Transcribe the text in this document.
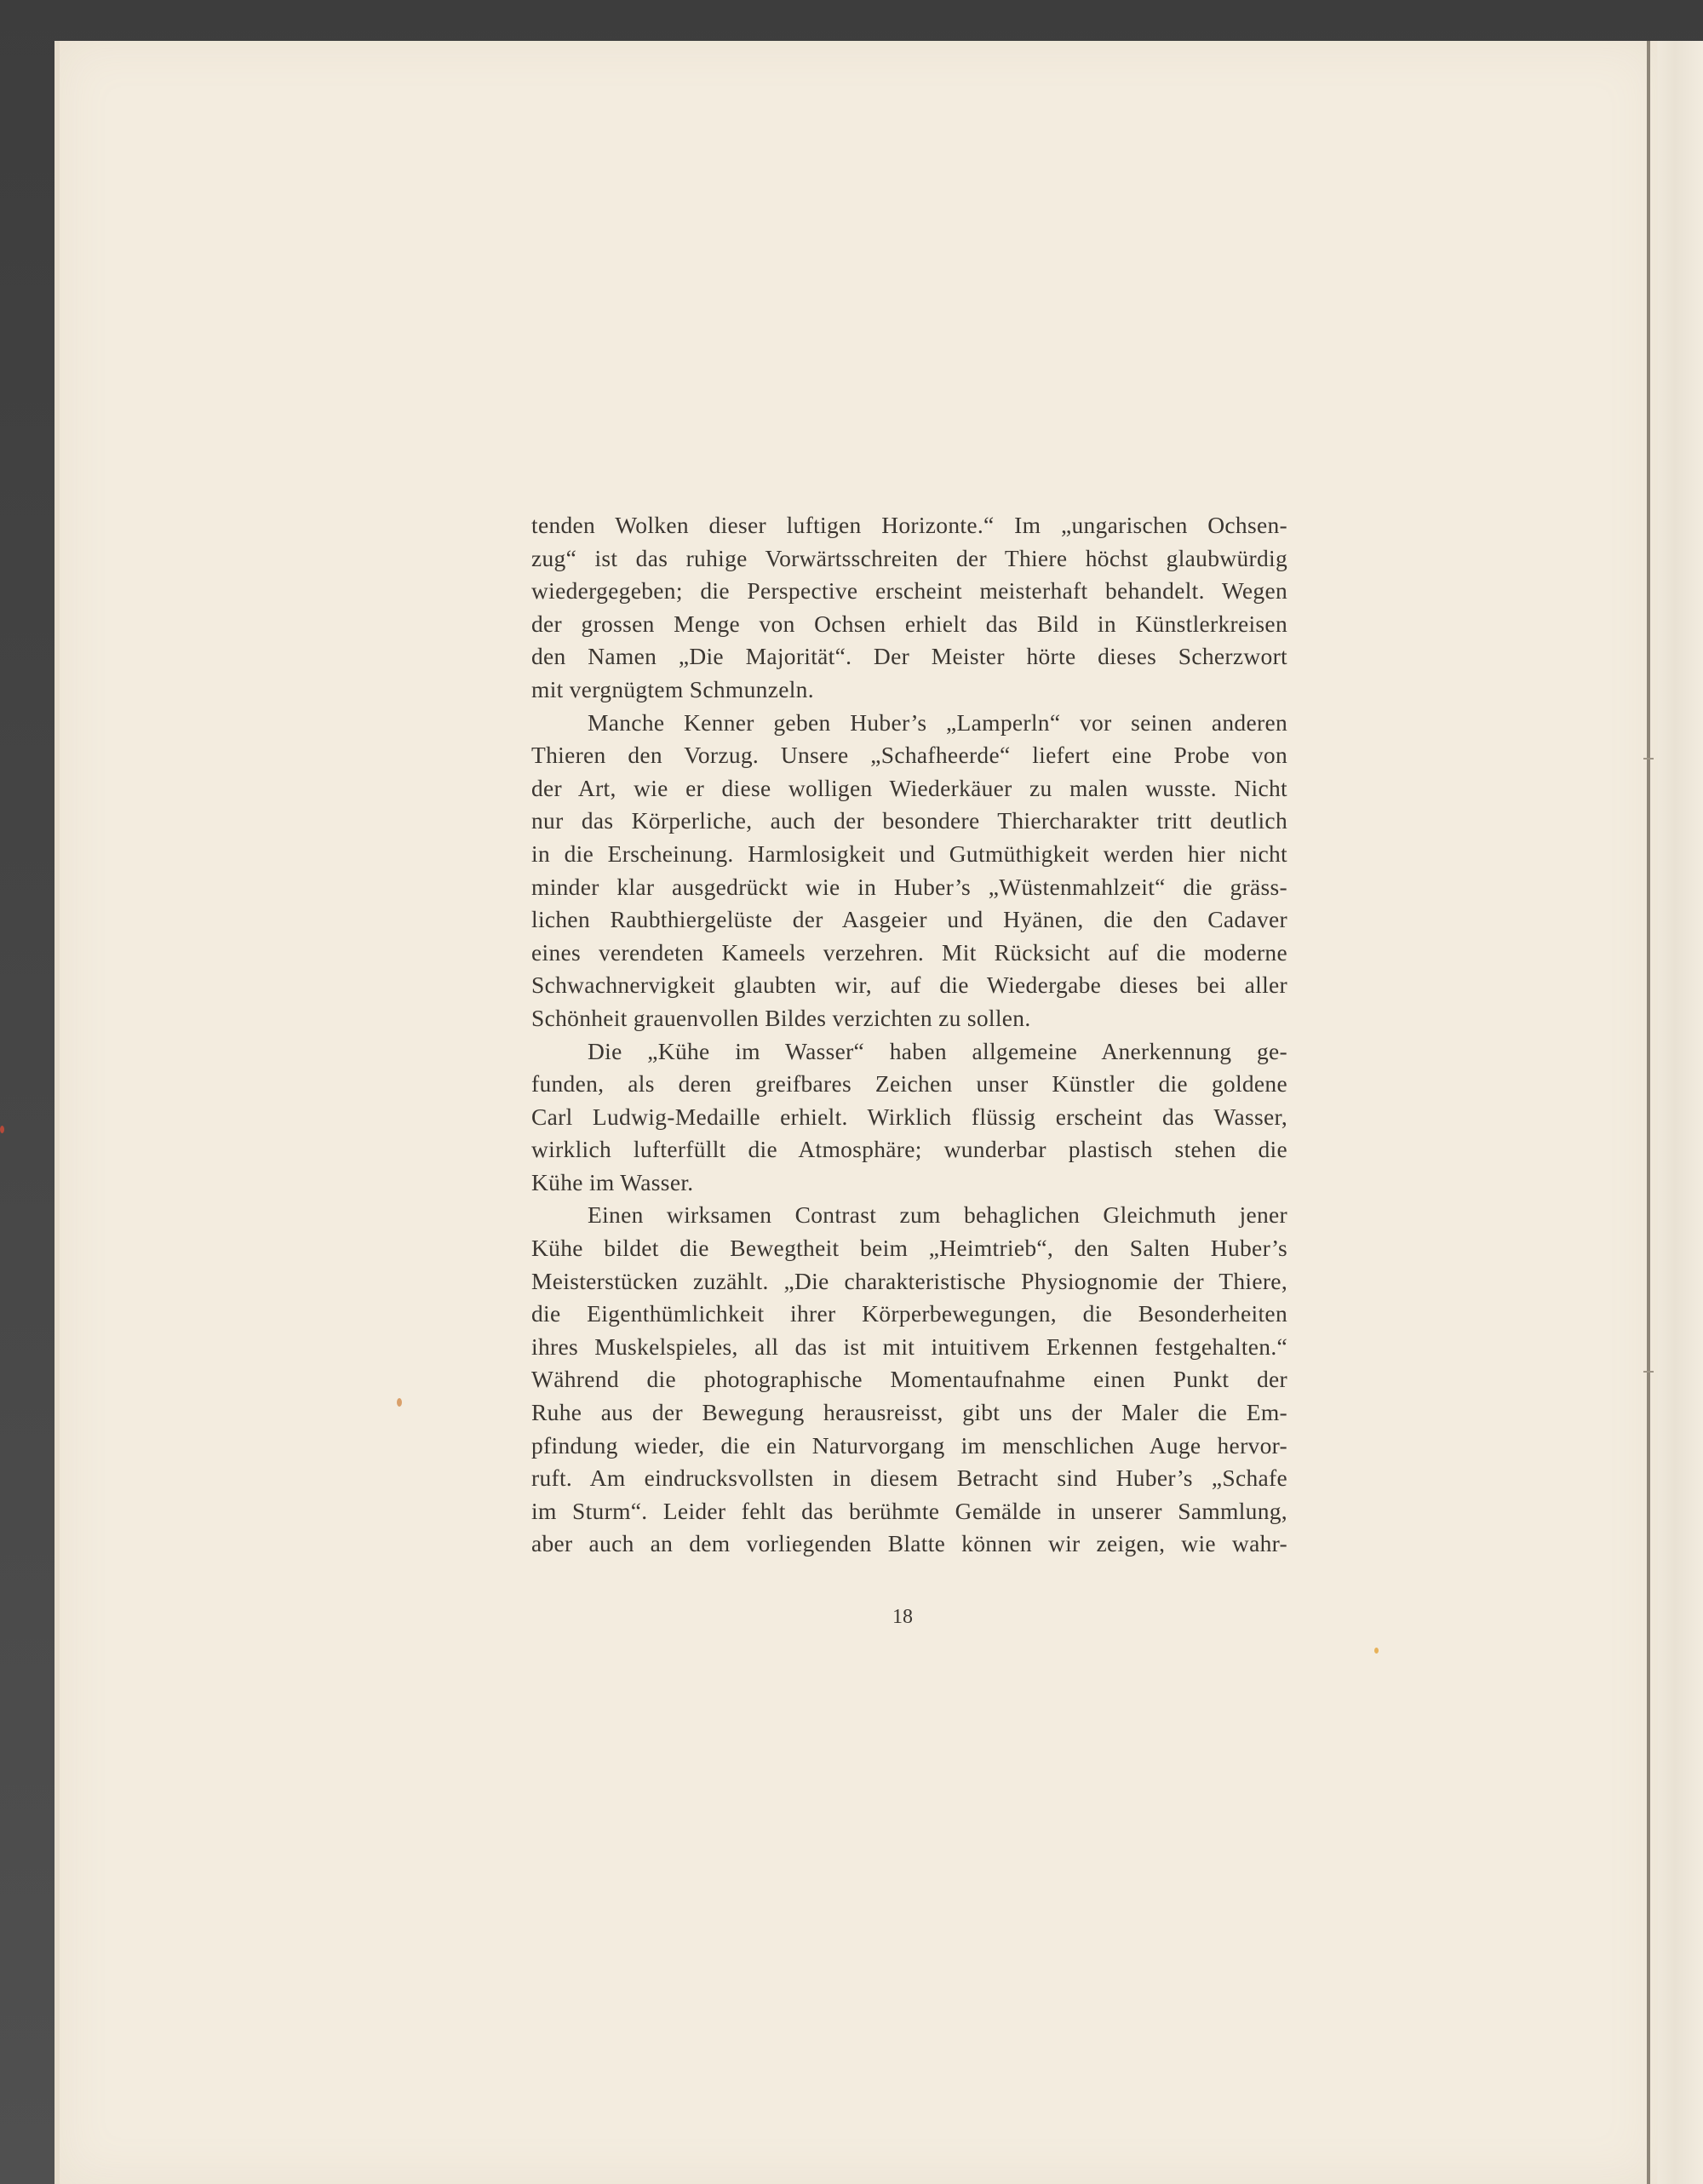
tenden Wolken dieser luftigen Horizonte.“ Im „ungarischen Ochsen-
zug“ ist das ruhige Vorwärtsschreiten der Thiere höchst glaubwürdig
wiedergegeben; die Perspective erscheint meisterhaft behandelt. Wegen
der grossen Menge von Ochsen erhielt das Bild in Künstlerkreisen
den Namen „Die Majorität“. Der Meister hörte dieses Scherzwort
mit vergnügtem Schmunzeln.
Manche Kenner geben Huber’s „Lamperln“ vor seinen anderen
Thieren den Vorzug. Unsere „Schafheerde“ liefert eine Probe von
der Art, wie er diese wolligen Wiederkäuer zu malen wusste. Nicht
nur das Körperliche, auch der besondere Thiercharakter tritt deutlich
in die Erscheinung. Harmlosigkeit und Gutmüthigkeit werden hier nicht
minder klar ausgedrückt wie in Huber’s „Wüstenmahlzeit“ die gräss-
lichen Raubthiergelüste der Aasgeier und Hyänen, die den Cadaver
eines verendeten Kameels verzehren. Mit Rücksicht auf die moderne
Schwachnervigkeit glaubten wir, auf die Wiedergabe dieses bei aller
Schönheit grauenvollen Bildes verzichten zu sollen.
Die „Kühe im Wasser“ haben allgemeine Anerkennung ge-
funden, als deren greifbares Zeichen unser Künstler die goldene
Carl Ludwig-Medaille erhielt. Wirklich flüssig erscheint das Wasser,
wirklich lufterfüllt die Atmosphäre; wunderbar plastisch stehen die
Kühe im Wasser.
Einen wirksamen Contrast zum behaglichen Gleichmuth jener
Kühe bildet die Bewegtheit beim „Heimtrieb“, den Salten Huber’s
Meisterstücken zuzählt. „Die charakteristische Physiognomie der Thiere,
die Eigenthümlichkeit ihrer Körperbewegungen, die Besonderheiten
ihres Muskelspieles, all das ist mit intuitivem Erkennen festgehalten.“
Während die photographische Momentaufnahme einen Punkt der
Ruhe aus der Bewegung herausreisst, gibt uns der Maler die Em-
pfindung wieder, die ein Naturvorgang im menschlichen Auge hervor-
ruft. Am eindrucksvollsten in diesem Betracht sind Huber’s „Schafe
im Sturm“. Leider fehlt das berühmte Gemälde in unserer Sammlung,
aber auch an dem vorliegenden Blatte können wir zeigen, wie wahr-
18
